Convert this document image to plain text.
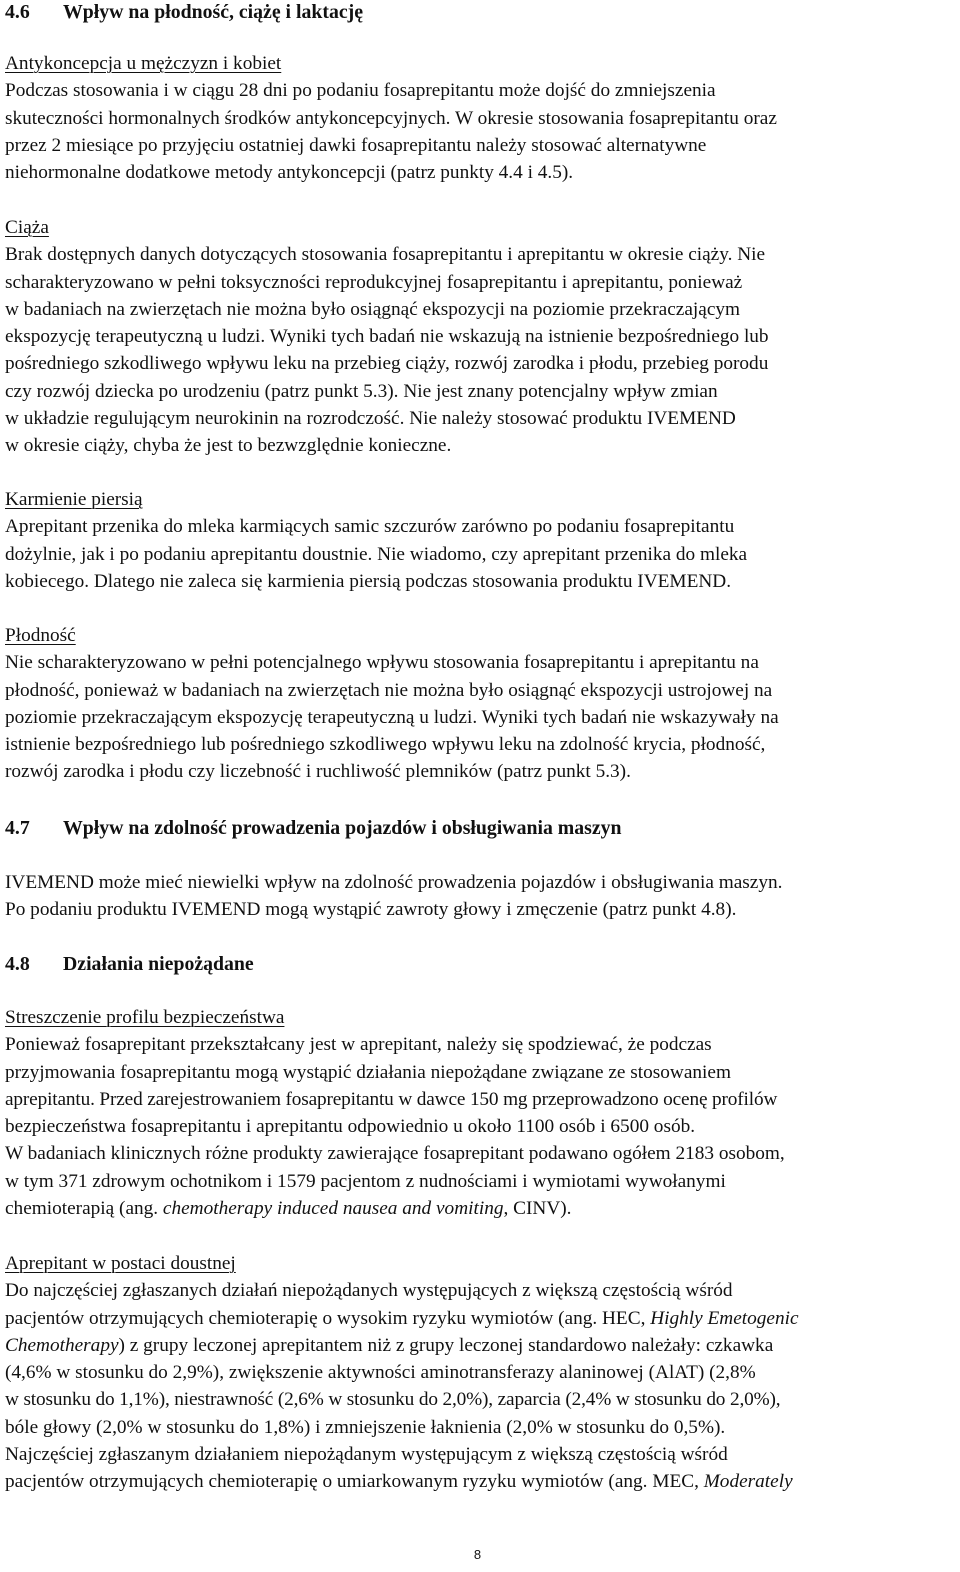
4.6 Wpływ na płodność, ciążę i laktację
Antykoncepcja u mężczyzn i kobiet
Podczas stosowania i w ciągu 28 dni po podaniu fosaprepitantu może dojść do zmniejszenia
skuteczności hormonalnych środków antykoncepcyjnych. W okresie stosowania fosaprepitantu oraz
przez 2 miesiące po przyjęciu ostatniej dawki fosaprepitantu należy stosować alternatywne
niehormonalne dodatkowe metody antykoncepcji (patrz punkty 4.4 i 4.5).
Ciąża
Brak dostępnych danych dotyczących stosowania fosaprepitantu i aprepitantu w okresie ciąży. Nie
scharakteryzowano w pełni toksyczności reprodukcyjnej fosaprepitantu i aprepitantu, ponieważ
w badaniach na zwierzętach nie można było osiągnąć ekspozycji na poziomie przekraczającym
ekspozycję terapeutyczną u ludzi. Wyniki tych badań nie wskazują na istnienie bezpośredniego lub
pośredniego szkodliwego wpływu leku na przebieg ciąży, rozwój zarodka i płodu, przebieg porodu
czy rozwój dziecka po urodzeniu (patrz punkt 5.3). Nie jest znany potencjalny wpływ zmian
w układzie regulującym neurokinin na rozrodczość. Nie należy stosować produktu IVEMEND
w okresie ciąży, chyba że jest to bezwzględnie konieczne.
Karmienie piersią
Aprepitant przenika do mleka karmiących samic szczurów zarówno po podaniu fosaprepitantu
dożylnie, jak i po podaniu aprepitantu doustnie. Nie wiadomo, czy aprepitant przenika do mleka
kobiecego. Dlatego nie zaleca się karmienia piersią podczas stosowania produktu IVEMEND.
Płodność
Nie scharakteryzowano w pełni potencjalnego wpływu stosowania fosaprepitantu i aprepitantu na
płodność, ponieważ w badaniach na zwierzętach nie można było osiągnąć ekspozycji ustrojowej na
poziomie przekraczającym ekspozycję terapeutyczną u ludzi. Wyniki tych badań nie wskazywały na
istnienie bezpośredniego lub pośredniego szkodliwego wpływu leku na zdolność krycia, płodność,
rozwój zarodka i płodu czy liczebność i ruchliwość plemników (patrz punkt 5.3).
4.7 Wpływ na zdolność prowadzenia pojazdów i obsługiwania maszyn
IVEMEND może mieć niewielki wpływ na zdolność prowadzenia pojazdów i obsługiwania maszyn.
Po podaniu produktu IVEMEND mogą wystąpić zawroty głowy i zmęczenie (patrz punkt 4.8).
4.8 Działania niepożądane
Streszczenie profilu bezpieczeństwa
Ponieważ fosaprepitant przekształcany jest w aprepitant, należy się spodziewać, że podczas
przyjmowania fosaprepitantu mogą wystąpić działania niepożądane związane ze stosowaniem
aprepitantu. Przed zarejestrowaniem fosaprepitantu w dawce 150 mg przeprowadzono ocenę profilów
bezpieczeństwa fosaprepitantu i aprepitantu odpowiednio u około 1100 osób i 6500 osób.
W badaniach klinicznych różne produkty zawierające fosaprepitant podawano ogółem 2183 osobom,
w tym 371 zdrowym ochotnikom i 1579 pacjentom z nudnościami i wymiotami wywołanymi
chemioterapią (ang. chemotherapy induced nausea and vomiting, CINV).
Aprepitant w postaci doustnej
Do najczęściej zgłaszanych działań niepożądanych występujących z większą częstością wśród
pacjentów otrzymujących chemioterapię o wysokim ryzyku wymiotów (ang. HEC, Highly Emetogenic
Chemotherapy) z grupy leczonej aprepitantem niż z grupy leczonej standardowo należały: czkawka
(4,6% w stosunku do 2,9%), zwiększenie aktywności aminotransferazy alaninowej (AlAT) (2,8%
w stosunku do 1,1%), niestrawność (2,6% w stosunku do 2,0%), zaparcia (2,4% w stosunku do 2,0%),
bóle głowy (2,0% w stosunku do 1,8%) i zmniejszenie łaknienia (2,0% w stosunku do 0,5%).
Najczęściej zgłaszanym działaniem niepożądanym występującym z większą częstością wśród
pacjentów otrzymujących chemioterapię o umiarkowanym ryzyku wymiotów (ang. MEC, Moderately
8
